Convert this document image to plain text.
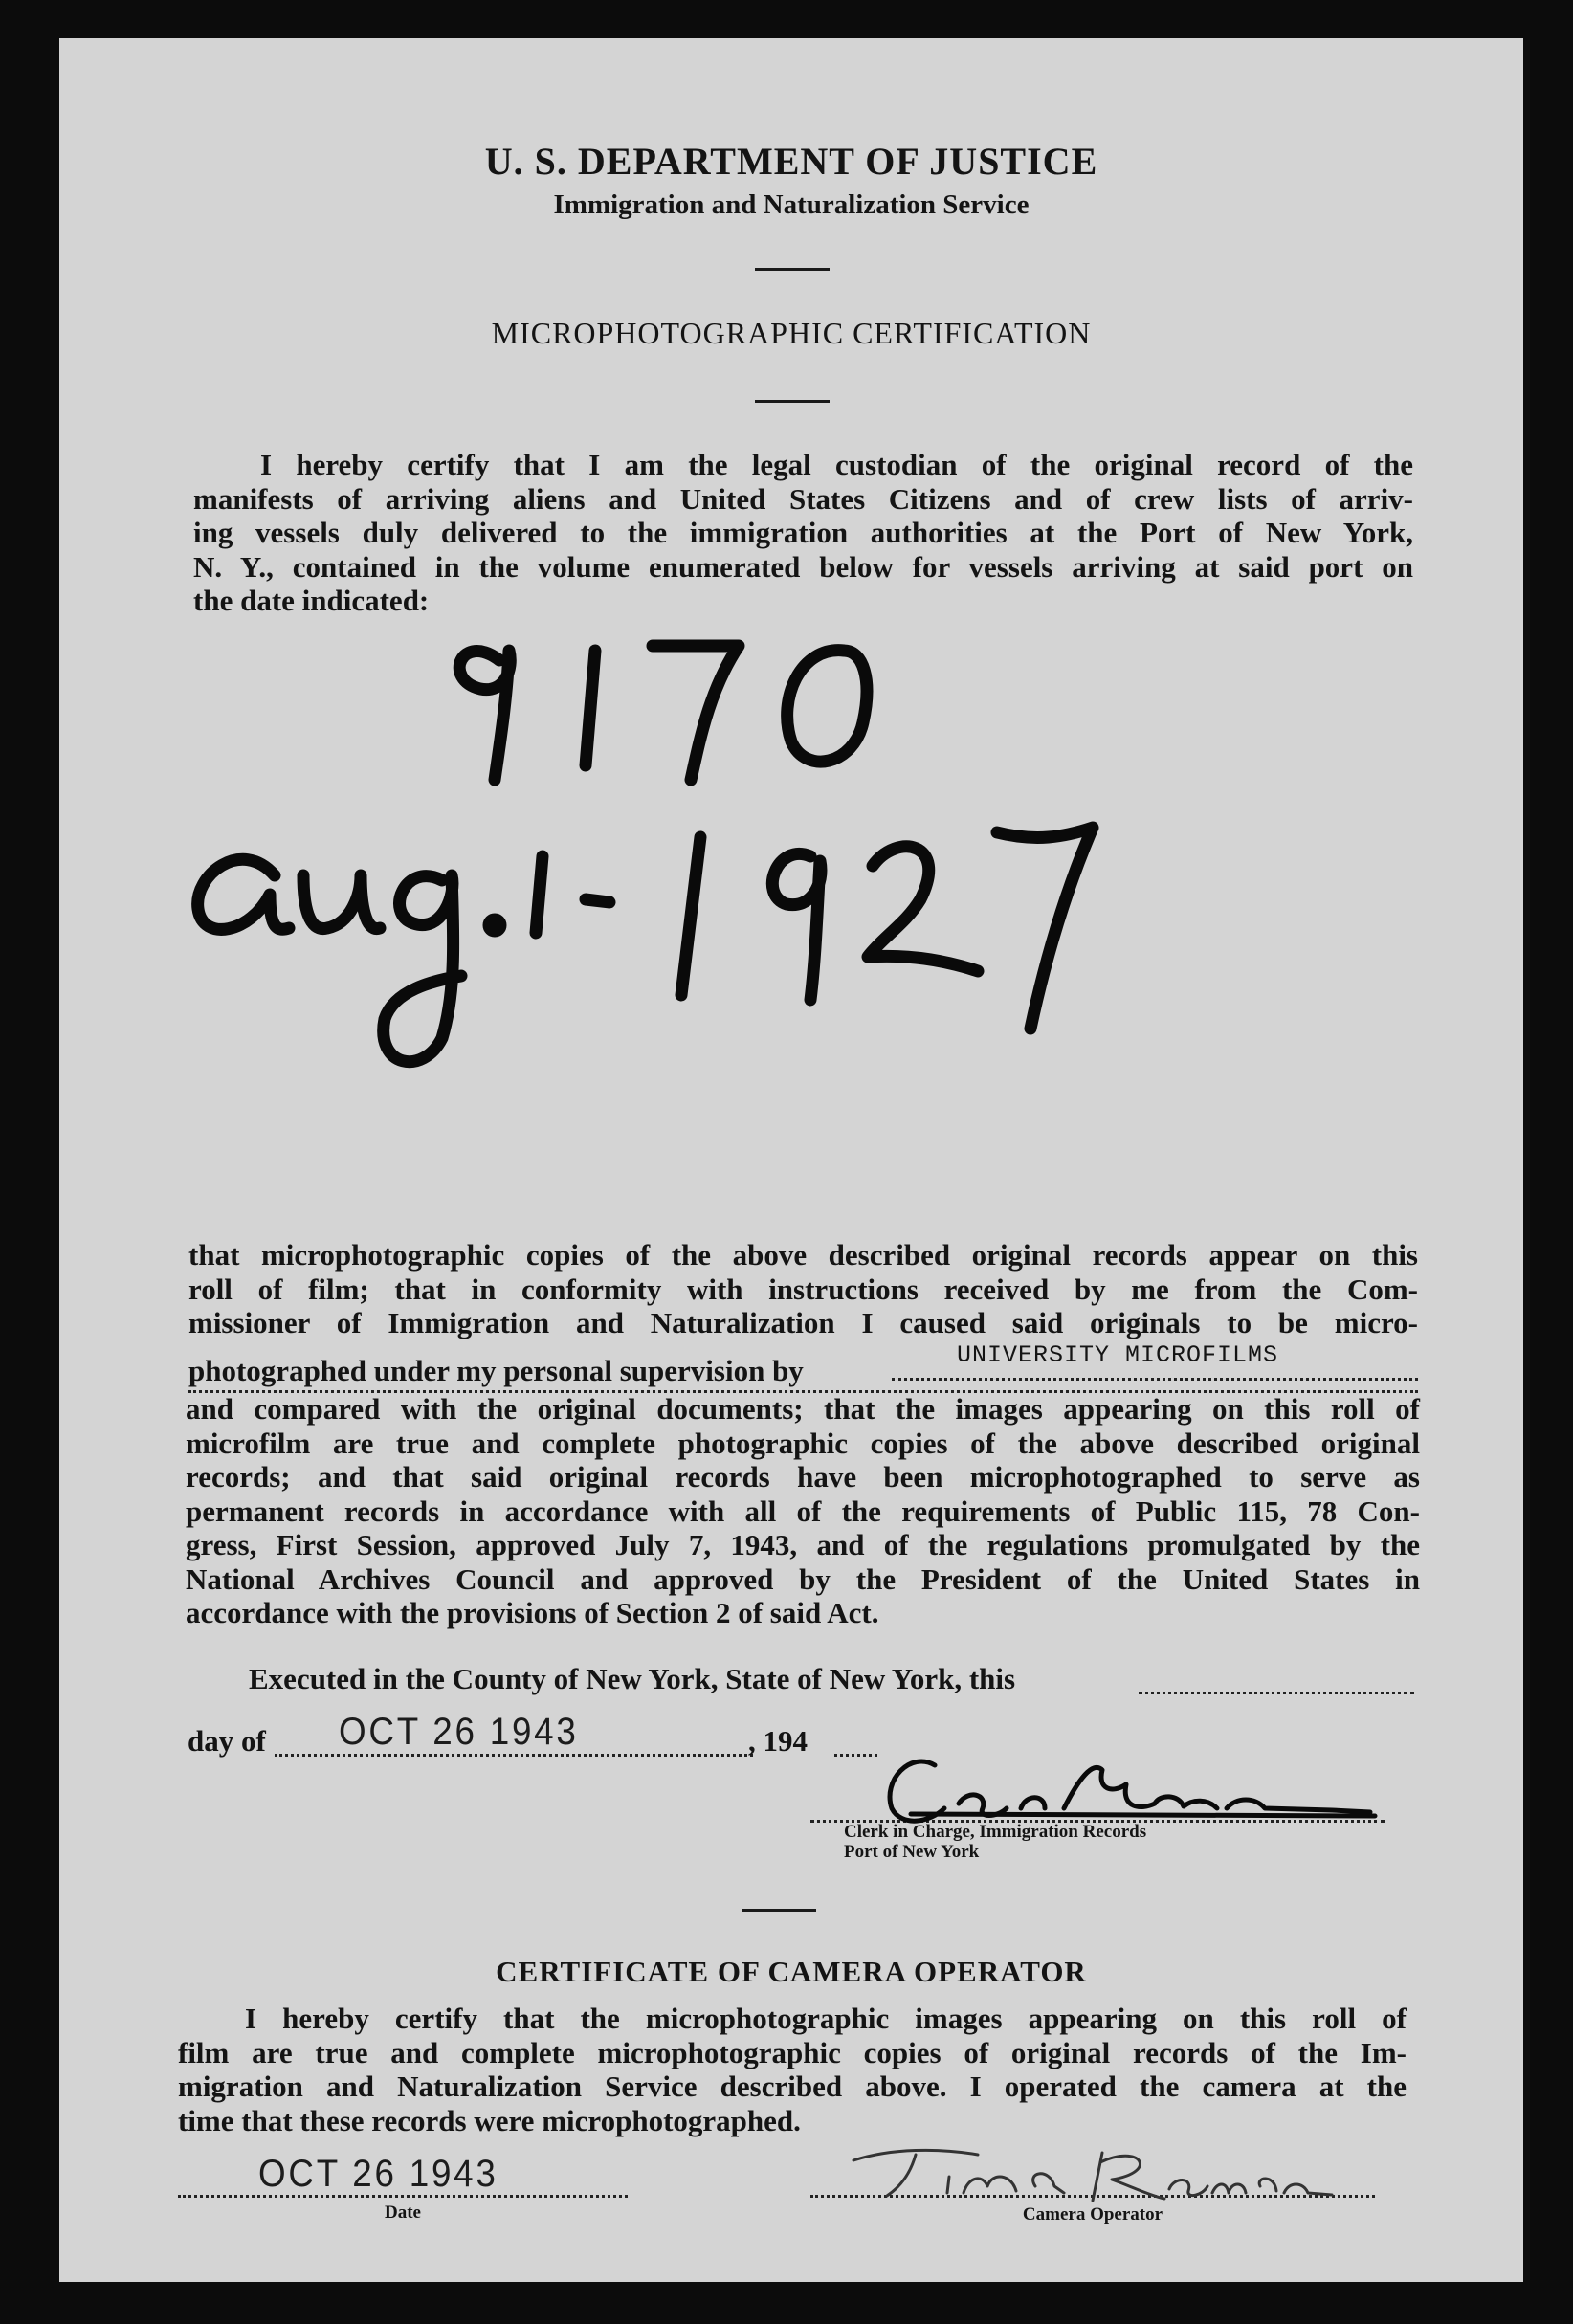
U. S. DEPARTMENT OF JUSTICE
Immigration and Naturalization Service
MICROPHOTOGRAPHIC CERTIFICATION
I hereby certify that I am the legal custodian of the original record of the
manifests of arriving aliens and United States Citizens and of crew lists of arriv-
ing vessels duly delivered to the immigration authorities at the Port of New York,
N. Y., contained in the volume enumerated below for vessels arriving at said port on
the date indicated:
that microphotographic copies of the above described original records appear on this
roll of film; that in conformity with instructions received by me from the Com-
missioner of Immigration and Naturalization I caused said originals to be micro-
photographed under my personal supervision by	UNIVERSITY MICROFILMS
and compared with the original documents; that the images appearing on this roll of
microfilm are true and complete photographic copies of the above described original
records; and that said original records have been microphotographed to serve as
permanent records in accordance with all of the requirements of Public 115, 78 Con-
gress, First Session, approved July 7, 1943, and of the regulations promulgated by the
National Archives Council and approved by the President of the United States in
accordance with the provisions of Section 2 of said Act.
Executed in the County of New York, State of New York, this
day of OCT 26 1943	, 194
Clerk in Charge, Immigration Records
Port of New York
CERTIFICATE OF CAMERA OPERATOR
I hereby certify that the microphotographic images appearing on this roll of
film are true and complete microphotographic copies of original records of the Im-
migration and Naturalization Service described above. I operated the camera at the
time that these records were microphotographed.
OCT 26 1943
Date	Camera Operator
